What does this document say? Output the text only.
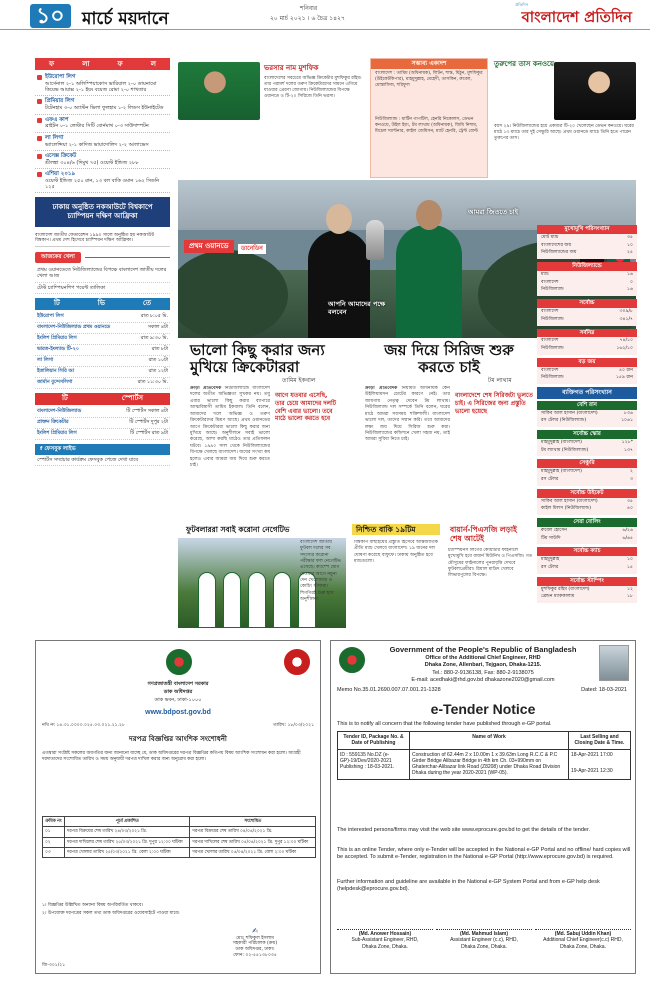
১০	মার্চে ময়দানে
শনিবার
২০ মার্চ ২০২১ । ৬ চৈত্র ১৪২৭
প্রতিদিন
বাংলাদেশ প্রতিদিন
ফ	লা	ফ	ল
ইউরোপা লিগ
আর্সেনাল ২-১ অলিম্পিয়াকোস ভারিয়াল ২-০ ডায়নামো কিয়েভ আয়াক্স ২-১ ইয়ং বয়েজ রোমা ২-০ শাখতার
প্রিমিয়ার লিগ
টটেনহাম ৩-০ অ্যাস্টন ভিলা ফুলহাম ১-২ লিডস ইউনাইটেড
এফএ কাপ
ব্রাইটন ০-১ লেস্টার সিটি বোর্নমাথ ০-৩ সাউদাম্পটন
লা লিগা
ভ্যালেন্সিয়া ২-১ কাদিজ ভায়াদোলিদ ২-২ আলাভেস
এসেক্স ক্রিকেট
শ্রীলঙ্কা ৩০৪/৬ (দিমুথ ৭৫) ওয়েস্ট ইন্ডিজ ২৮৮
এশিয়া ২০১৯
ওয়েস্ট ইন্ডিজ ২৫০ রান, ১৩ বল বাকি ওমান ১৬২ সিডনি ১২৫
ঢাকায় অনুষ্ঠিত নকআউটে বিশ্বকাপে চ্যাম্পিয়ন দক্ষিণ আফ্রিকা
বাংলাদেশ জাতীয় ফেডারেশন ১৯৯০ সালে অনুষ্ঠিত হয় নকআউট বিশ্বকাপ। প্রথম দেশ হিসেবে চ্যাম্পিয়ন দক্ষিণ আফ্রিকা।
আজকের খেলা
প্রথম ওয়ানডেতে নিউজিল্যান্ডের বিপক্ষে বাংলাদেশ জাতীয় দলের খেলা আজ
টেস্ট চ্যাম্পিয়নশিপ পয়েন্ট তালিকা
টি	ভি	তে
ইউরোপা লিগ	রাত ৮:০৫ মি.
বাংলাদেশ-নিউজিল্যান্ড প্রথম ওয়ানডে	সকাল ৪টা
ইংলিশ প্রিমিয়ার লিগ	রাত ৯:৩০ মি.
ভারত-ইংল্যান্ড টি-২০	রাত ৮টা
লা লিগা	রাত ১০টা
ইতালিয়ান সিরি আ	রাত ১২টা
জার্মান বুন্দেসলিগা	রাত ১১:৩০ মি.
টি	স্পোর্টস
বাংলাদেশ-নিউজিল্যান্ড	টি স্পোর্টস সকাল ৪টা
প্রাক্তন ক্রিকেটার	টি স্পোর্টস দুপুর ২টা
ইংলিশ প্রিমিয়ার লিগ	টি স্পোর্টস রাত ৯টা
f ফেসবুক লাইভ
স্পোর্টস সম্প্রচার কার্যক্রম ফেসবুক পেজে দেখা যাবে
ভরসার নাম মুশফিক
বাংলাদেশের সবচেয়ে অভিজ্ঞ ক্রিকেটার মুশফিকুর রহিম। তার পরামর্শ দলের তরুণ ক্রিকেটারদের সামনে এগিয়ে যাওয়ার প্রেরণা জোগায়। নিউজিল্যান্ডের বিপক্ষে ওয়ানডে ও টি-২০ সিরিজে তিনি ভরসা।
সম্ভাব্য একাদশ
বাংলাদেশ : তামিম (অধিনায়ক), লিটন, শান্ত, মিঠুন, মুশফিকুর (উইকেটকিপার), মাহমুদুল্লাহ, মেহেদী, তাসকিন, রুবেল, মোস্তাফিজ, শরিফুল
নিউজিল্যান্ড : মার্টিন গাপটিল, হেনরি নিকোলস, ডেভন কনওয়ে, উইল ইয়ং, টম লাথাম (অধিনায়ক), জিমি নিশাম, মিচেল স্যান্টনার, কাইল জেমিসন, ম্যাট হেনরি, ট্রেন্ট বোল্ট
তুরুপের তাস কনওয়ে
বয়স ২৯। নিউজিল্যান্ডের হয়ে একমাত্র টি-২০ খেলেছেন ডেভন কনওয়ে। ঘরের মাঠে ১৩ ম্যাচে তার দুই সেঞ্চুরি আছে। প্রথম ওয়ানডে ম্যাচে তিনি হতে পারেন তুরুপের তাস।
প্রথম ওয়ানডে	ডানেডিন
আপনি আমাদের পক্ষে বলবেন
আমরা জিততে চাই
মুখোমুখি পরিসংখ্যান
মোট ম্যাচ	৩৫
বাংলাদেশের জয়	১০
নিউজিল্যান্ডের জয়	২৫
নিউজিল্যান্ডে
ম্যাচ	১৬
বাংলাদেশ	০
নিউজিল্যান্ড	১৬
সর্বোচ্চ
বাংলাদেশ	৩০৯/৮
নিউজিল্যান্ড	৩৪১/৭
সর্বনিম্ন
বাংলাদেশ	৭৪/১০
নিউজিল্যান্ড	১৬২/১০
বড় জয়
বাংলাদেশ	৪০ রান
নিউজিল্যান্ড	১৫৯ রান
ব্যক্তিগত পরিসংখ্যান
বেশি রান
সাকিব আল হাসান (বাংলাদেশ)	৮৩৬
রস টেলর (নিউজিল্যান্ড)	১০৬১
সর্বোচ্চ স্কোর
মাহমুদুল্লাহ (বাংলাদেশ)	১২৮*
টম ল্যাথাম (নিউজিল্যান্ড)	১৩৭
সেঞ্চুরি
মাহমুদুল্লাহ (বাংলাদেশ)	২
রস টেলর	৩
সর্বোচ্চ উইকেট
সাকিব আল হাসান (বাংলাদেশ)	৩৫
কাইল মিলস (নিউজিল্যান্ড)	৪০
সেরা বোলিং
রুবেল হোসেন	৬/২৬
টিম সাউদি	৬/৬৫
সর্বোচ্চ ক্যাচ
মাহমুদুল্লাহ	১০
রস টেলর	১৫
সর্বোচ্চ স্টাম্পিং
মুশফিকুর রহিম (বাংলাদেশ)	১২
ব্রেন্ডন ম্যাককালাম	১৮
ভালো কিছু করার জন্য মুখিয়ে ক্রিকেটাররা
জয় দিয়ে সিরিজ শুরু করতে চাই
তামিম ইকবাল	টম লাথাম
ক্রীড়া প্রতিবেদক নিউজিল্যান্ডে বাংলাদেশ দলের অতীত অভিজ্ঞতা সুখকর নয়। তবু এবার ভালো কিছু করার ব্যাপারে আত্মবিশ্বাসী তামিম ইকবাল। তিনি বলেন, আমাদের দলে অভিজ্ঞ ও তরুণ ক্রিকেটারদের মিশ্রণ আছে। প্রথম ওয়ানডের আগে ক্রিকেটাররা ভালো কিছু করার জন্য মুখিয়ে আছে। অনুশীলনে সবাই ভালো করেছে, আশা করছি মাঠেও তার প্রতিফলন ঘটবে। ১৯৯০ সাল থেকে নিউজিল্যান্ডের বিপক্ষে খেলছে বাংলাদেশ। জয়ের সংখ্যা কম হলেও এবার আমরা জয় দিয়ে শুরু করতে চাই।
আগে যতবার এসেছি, তার চেয়ে আমাদের দলটি বেশি এবার ভালো। তবে মাঠে ভালো করতে হবে
ক্রীড়া প্রতিবেদক নিয়মিত অধিনায়ক কেন উইলিয়ামসন চোটের কারণে নেই। তার জায়গায় নেতৃত্ব দেবেন টম লাথাম। নিউজিল্যান্ড দল সম্পর্কে তিনি বলেন, ঘরের মাঠে আমরা সবসময় শক্তিশালী। বাংলাদেশ ভালো দল, তাদের সম্মান করি। তবে আমাদের লক্ষ্য জয় দিয়ে সিরিজ শুরু করা। নিউজিল্যান্ডের কন্ডিশনে খেলা সহজ নয়, তাই আমরা সুবিধা নিতে চাই।
বাংলাদেশে শেষ সিরিজটা ভুলতে চাই। এ সিরিজের জন্য প্রস্তুতি ভালো হয়েছে
ফুটবলাররা সবাই করোনা নেগেটিভ
বাংলাদেশ জাতীয় ফুটবল দলের সব সদস্যের করোনা পরীক্ষার ফল নেগেটিভ এসেছে। ক্যাম্পে যোগ দেওয়ার আগে নমুনা দেন খেলোয়াড় ও কোচিং স্টাফরা। শিগগিরই শুরু হবে অনুশীলন।
নিশ্চিত বাকি ১৯টিম
বিশ্বকাপ বাছাইয়ের প্রস্তুতি হিসেবে আন্তর্জাতিক প্রীতি ম্যাচ খেলবে বাংলাদেশ। ১৯ জনের দল ঘোষণা করেছে বাফুফে। ঢাকায় অনুষ্ঠিত হবে ম্যাচগুলো।
বায়ার্ন-পিএসজি লড়াই শেষ আটেই
চ্যাম্পিয়নস লিগের কোয়ার্টার ফাইনালে মুখোমুখি হবে বায়ার্ন মিউনিখ ও পিএসজি। গত মৌসুমের ফাইনালের পুনরাবৃত্তি দেখবে ফুটবলপ্রেমীরা। রিয়াল মাদ্রিদ খেলবে লিভারপুলের বিপক্ষে।
গণপ্রজাতন্ত্রী বাংলাদেশ সরকার
ডাক অধিদপ্তর
ডাক ভবন, ঢাকা-১০০০
www.bdpost.gov.bd
নথি নং ১৪.৩১.০০০০.০২৫.০৩.০২১.২১.২৮	তারিখ: ১৮/০৩/২০২১
দরপত্র বিজ্ঞপ্তির আংশিক সংশোধনী
এতদ্বারা সংশ্লিষ্ট সকলের অবগতির জন্য জানানো যাচ্ছে যে, ডাক অধিদপ্তরের দরপত্র বিজ্ঞপ্তির কতিপয় বিষয় আংশিক সংশোধন করা হলো। আগ্রহী দরদাতাদের সংশোধিত তারিখ ও সময় অনুযায়ী দরপত্র দাখিল করার জন্য অনুরোধ করা হলো।
ক্রমিক নং	পূর্বে প্রকাশিত	সংশোধিত
০১	দরপত্র বিক্রয়ের শেষ তারিখ ২৪/০৩/২০২১ খ্রি.	দরপত্র বিক্রয়ের শেষ তারিখ ০৪/০৪/২০২১ খ্রি.
০২	দরপত্র দাখিলের শেষ তারিখ ২৫/০৩/২০২১ খ্রি. দুপুর ১২:০০ ঘটিকা	দরপত্র দাখিলের শেষ তারিখ ০৫/০৪/২০২১ খ্রি. দুপুর ১২:০০ ঘটিকা
০৩	দরপত্র খোলার তারিখ ২৫/০৩/২০২১ খ্রি. বেলা ২:০০ ঘটিকা	দরপত্র খোলার তারিখ ০৫/০৪/২০২১ খ্রি. বেলা ২:০০ ঘটিকা
১। বিজ্ঞপ্তির উল্লিখিত অন্যান্য বিষয় অপরিবর্তিত থাকবে।
২। উপযোক্ত দরপত্রের সকল তথ্য ডাক অধিদপ্তরের ওয়েবসাইটে পাওয়া যাবে।
✍
মোঃ শফিকুল ইসলাম
সহকারী পরিচালক (ক্রয়)
ডাক অধিদপ্তর, ঢাকা।
ফোন: ০২-৫৫১৩৮০৩৫
জি-৩০১/২১
Government of the People's Republic of Bangladesh
Office of the Additional Chief Engineer, RHD
Dhaka Zone, Allenbari, Tejgaon, Dhaka-1215.
Tel.: 880-2-9136138, Fax: 880-2-9138075
E-mail: acedhaki@rhd.gov.bd dhakazone2020@gmail.com
Memo No.35.01.2690.007.07.001.21-1328	Dated: 18-03-2021
e-Tender Notice
This is to notify all concern that the following tender have published through e-GP portal.
Tender ID, Package No. & Date of Publishing	Name of Work	Last Selling and Closing Date & Time.
ID : 559135 No.DZ (e-GP)-19/Dev/2020-2021 Publishing : 18-03-2021.	Construction of 62.44m 2 x 10.00m 1 x 39.63m Long R.C.C & P.C Girder Bridge Alibazar Bridge in 4th km Ch. 03+990mm on Ghaterchar-Alibazar link Road (Z8208) under Dhaka Road Division Dhaka during the year 2020-2021 (WP-05).	18-Apr-2021 17:00
19-Apr-2021 12:30
The interested persons/firms may visit the web site www.eprocure.gov.bd to get the details of the tender.
This is an online Tender, where only e-Tender will be accepted in the National e-GP Portal and no offline/ hard copies will be accepted. To submit e-Tender, registration in the National e-GP Portal (http://www.eprocure.gov.bd) is required.
Further information and guideline are available in the National e-GP System Portal and from e-GP help desk (helpdesk@eprocure.gov.bd).
(Md. Anower Hossain)
Sub-Assistant Engineer, RHD,
Dhaka Zone, Dhaka.
(Md. Mahmud Islam)
Assistant Engineer (c.c), RHD,
Dhaka Zone, Dhaka.
(Md. Sabuj Uddin Khan)
Additional Chief Engineer(c.c) RHD,
Dhaka Zone, Dhaka.
